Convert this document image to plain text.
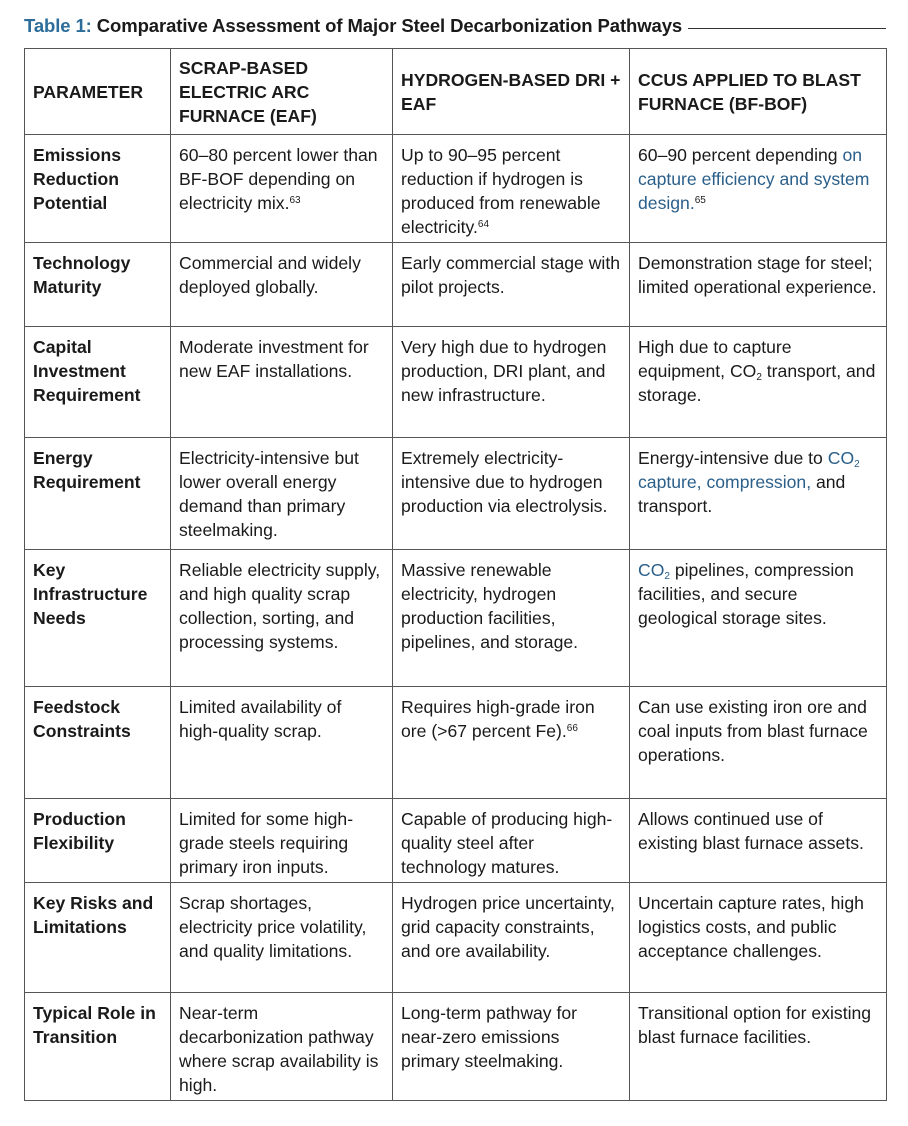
Table 1: Comparative Assessment of Major Steel Decarbonization Pathways
PARAMETER	SCRAP-BASED ELECTRIC ARC FURNACE (EAF)	HYDROGEN-BASED DRI + EAF	CCUS APPLIED TO BLAST FURNACE (BF-BOF)
Emissions Reduction Potential	60–80 percent lower than BF-BOF depending on electricity mix.$^{63}$	Up to 90–95 percent reduction if hydrogen is produced from renewable electricity.$^{64}$	60–90 percent depending on capture efficiency and system design.$^{65}$
Technology Maturity	Commercial and widely deployed globally.	Early commercial stage with pilot projects.	Demonstration stage for steel; limited operational experience.
Capital Investment Requirement	Moderate investment for new EAF installations.	Very high due to hydrogen production, DRI plant, and new infrastructure.	High due to capture equipment, $CO_2$ transport, and storage.
Energy Requirement	Electricity-intensive but lower overall energy demand than primary steelmaking.	Extremely electricity-intensive due to hydrogen production via electrolysis.	Energy-intensive due to $CO_2$ capture, compression, and transport.
Key Infrastructure Needs	Reliable electricity supply, and high quality scrap collection, sorting, and processing systems.	Massive renewable electricity, hydrogen production facilities, pipelines, and storage.	$CO_2$ pipelines, compression facilities, and secure geological storage sites.
Feedstock Constraints	Limited availability of high-quality scrap.	Requires high-grade iron ore (>67 percent Fe).$^{66}$	Can use existing iron ore and coal inputs from blast furnace operations.
Production Flexibility	Limited for some high-grade steels requiring primary iron inputs.	Capable of producing high-quality steel after technology matures.	Allows continued use of existing blast furnace assets.
Key Risks and Limitations	Scrap shortages, electricity price volatility, and quality limitations.	Hydrogen price uncertainty, grid capacity constraints, and ore availability.	Uncertain capture rates, high logistics costs, and public acceptance challenges.
Typical Role in Transition	Near-term decarbonization pathway where scrap availability is high.	Long-term pathway for near-zero emissions primary steelmaking.	Transitional option for existing blast furnace facilities.
